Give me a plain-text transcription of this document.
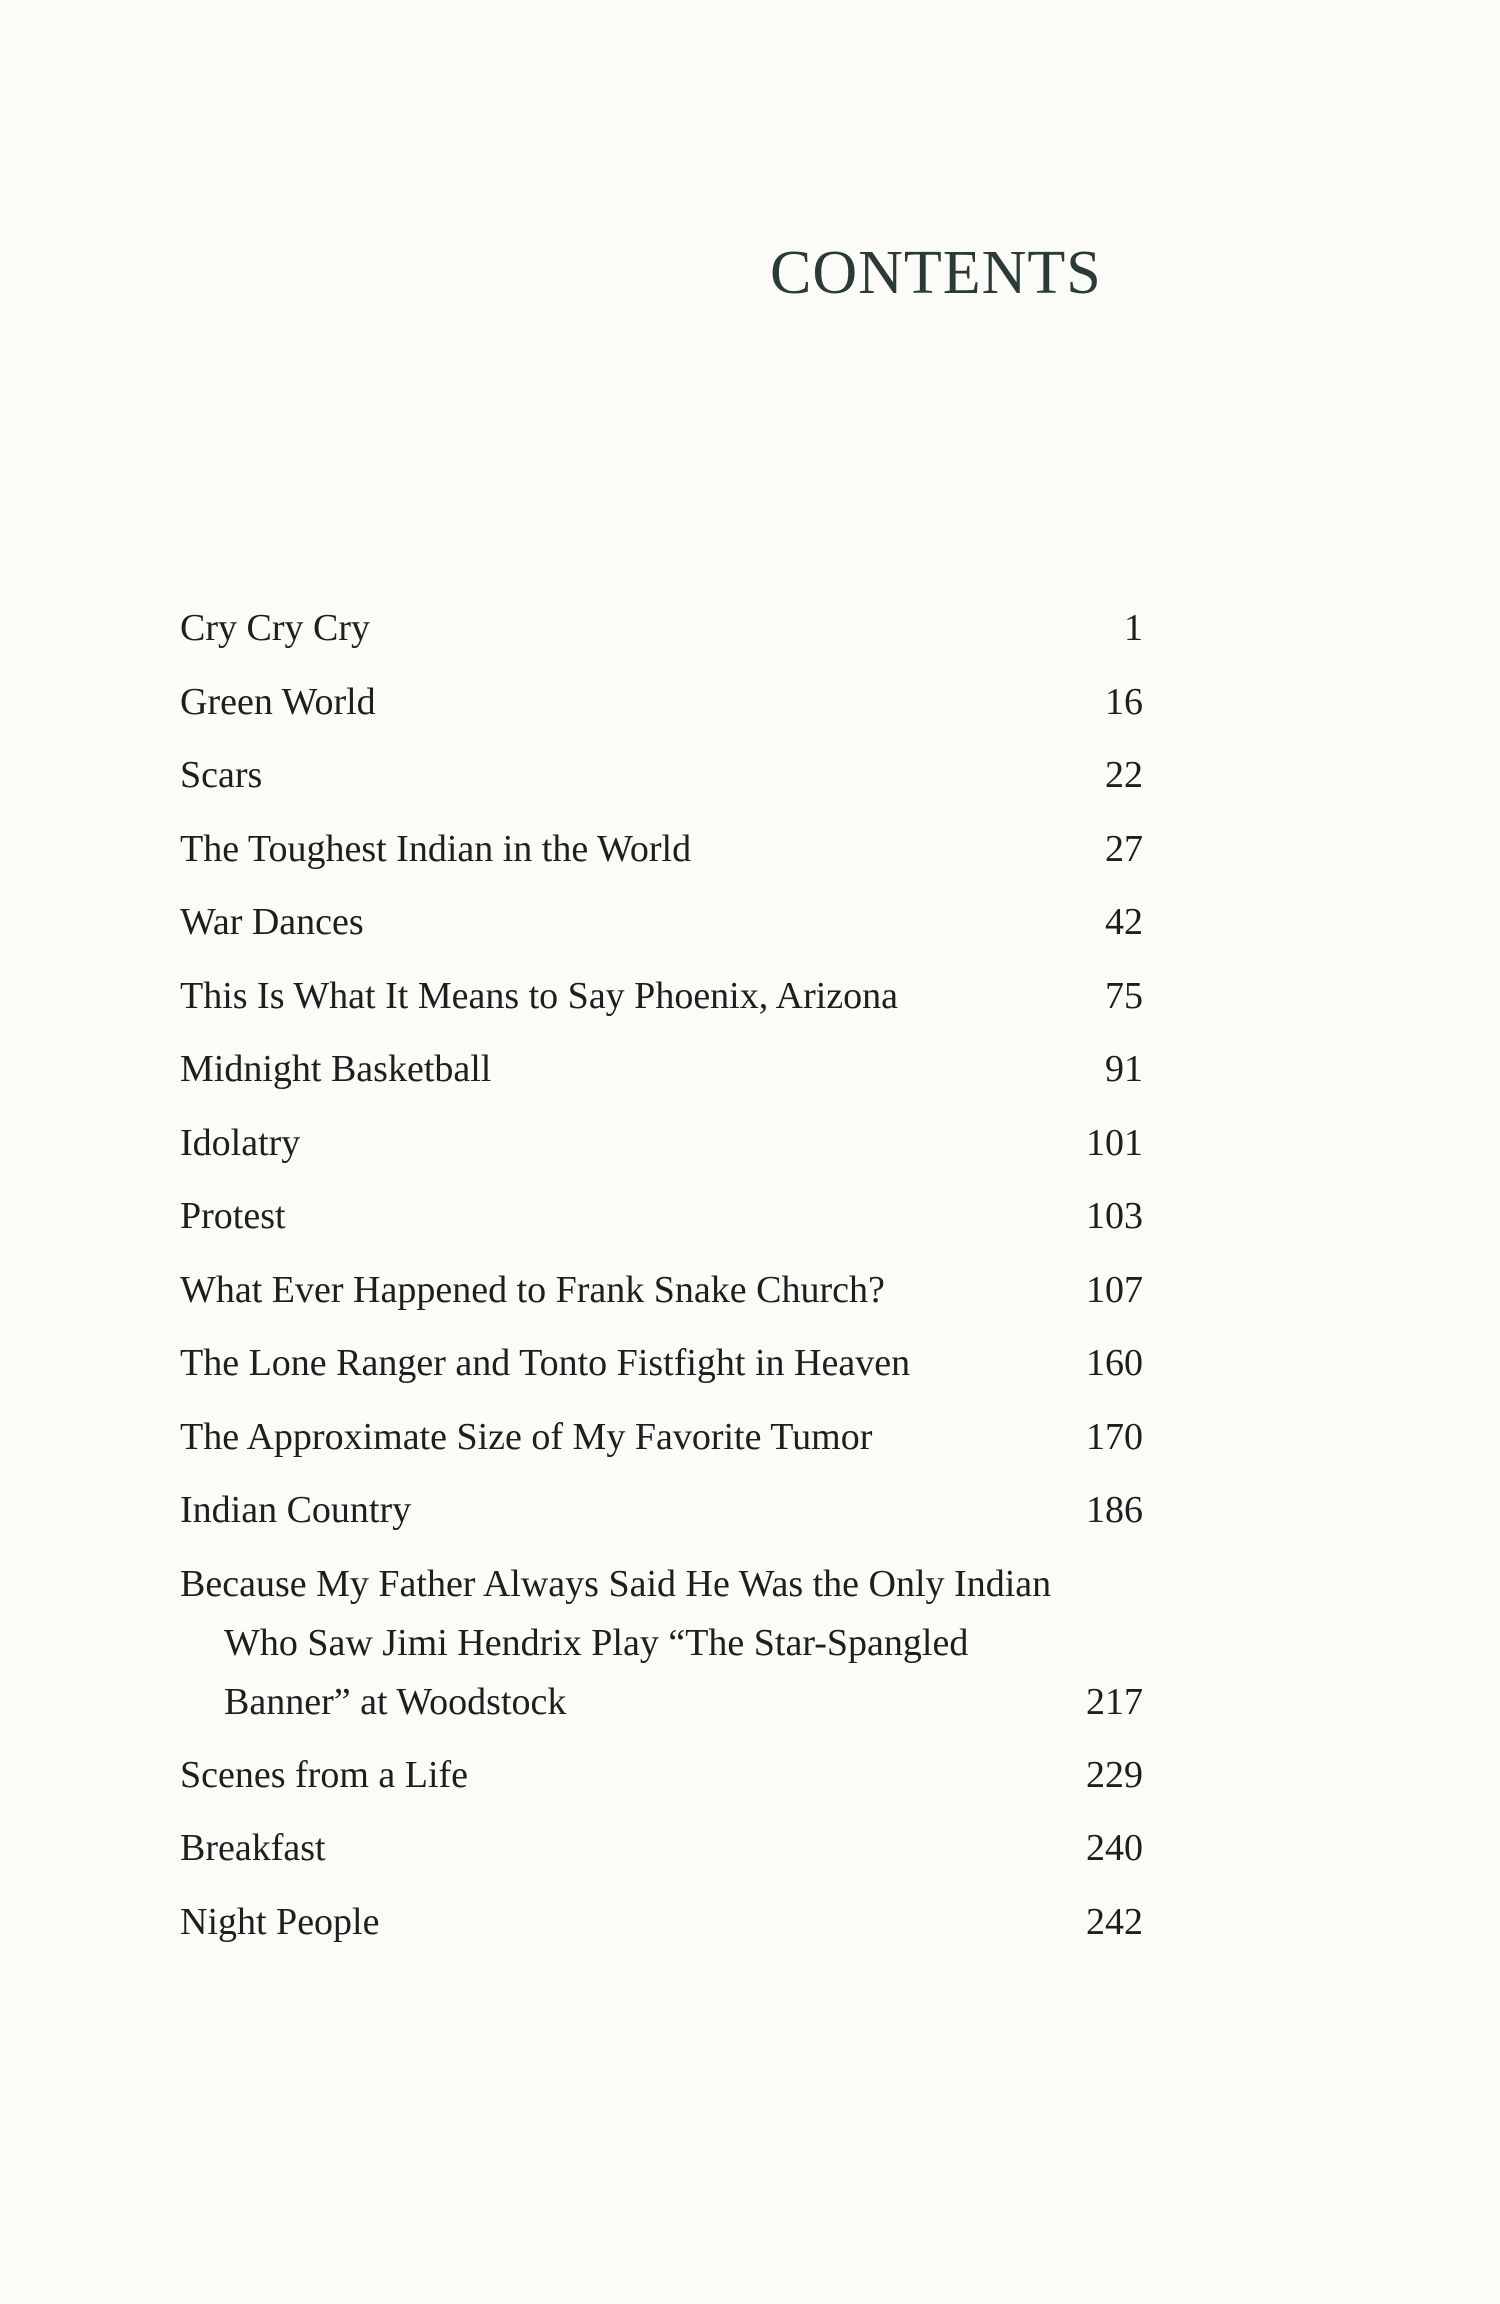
CONTENTS
Cry Cry Cry	1
Green World	16
Scars	22
The Toughest Indian in the World	27
War Dances	42
This Is What It Means to Say Phoenix, Arizona	75
Midnight Basketball	91
Idolatry	101
Protest	103
What Ever Happened to Frank Snake Church?	107
The Lone Ranger and Tonto Fistfight in Heaven	160
The Approximate Size of My Favorite Tumor	170
Indian Country	186
Because My Father Always Said He Was the Only Indian Who Saw Jimi Hendrix Play “The Star-Spangled Banner” at Woodstock	217
Scenes from a Life	229
Breakfast	240
Night People	242
